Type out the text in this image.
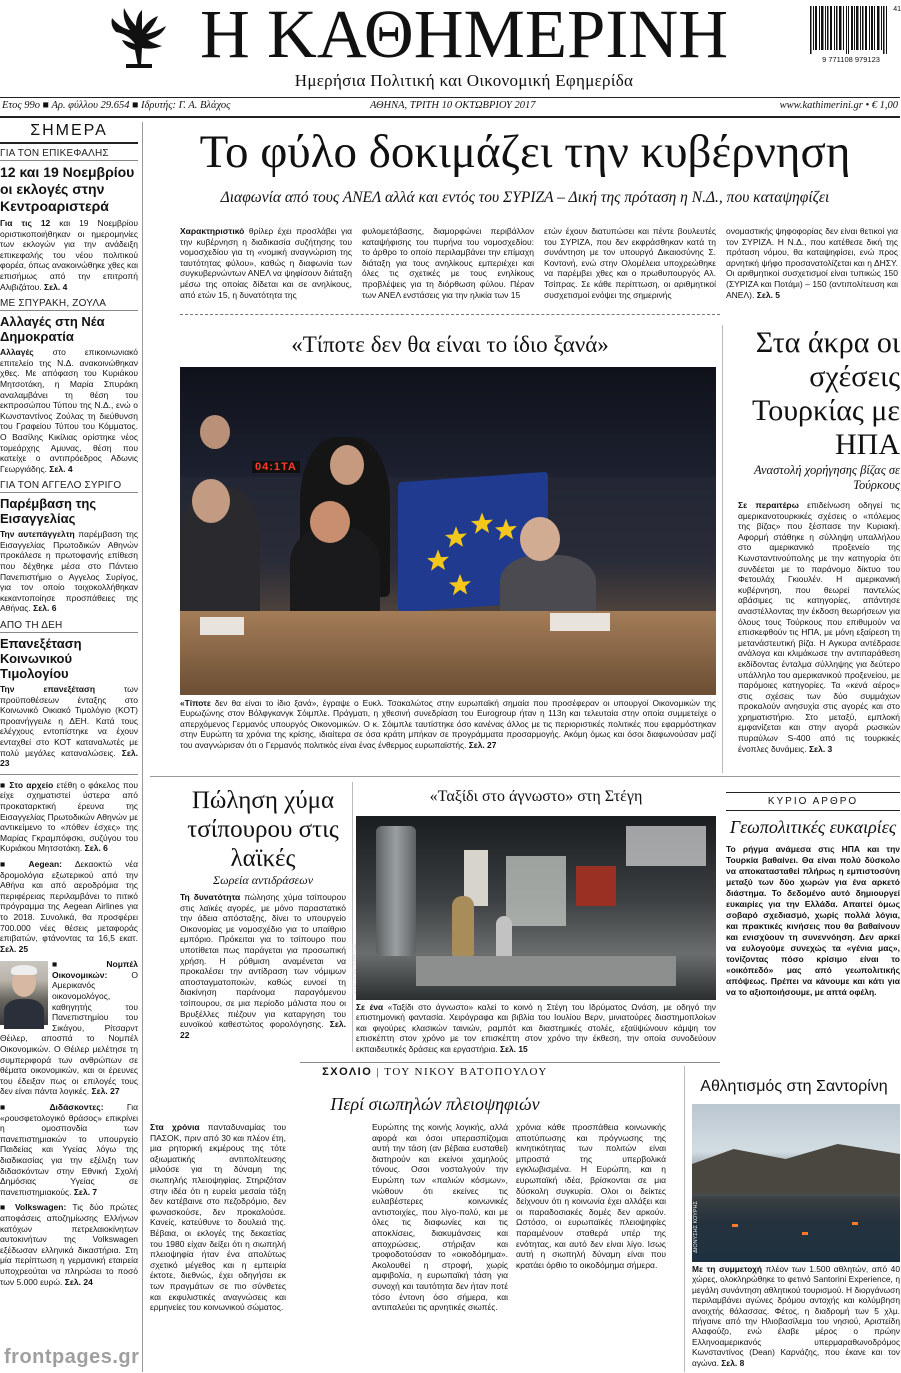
Η ΚΑΘΗΜΕΡΙΝΗ
Ημερήσια Πολιτική και Οικονομική Εφημερίδα
41
9 771108 979123
Ετος 99ο ■ Αρ. φύλλου 29.654 ■ Ιδρυτής: Γ. Α. Βλάχος	ΑΘΗΝΑ, ΤΡΙΤΗ 10 ΟΚΤΩΒΡΙΟΥ 2017	www.kathimerini.gr • € 1,00
ΣΗΜΕΡΑ
ΓΙΑ ΤΟΝ ΕΠΙΚΕΦΑΛΗΣ
12 και 19 Νοεμβρίου οι εκλογές στην Κεντροαριστερά
Για τις 12 και 19 Νοεμβρίου οριστικοποιήθηκαν οι ημερομηνίες των εκλογών για την ανάδειξη επικεφαλής του νέου πολιτικού φορέα, όπως ανακοινώθηκε χθες και επισήμως από την επιτροπή Αλιβιζάτου. Σελ. 4
ΜΕ ΣΠΥΡΑΚΗ, ΖΟΥΛΑ
Αλλαγές στη Νέα Δημοκρατία
Αλλαγές στο επικοινωνιακό επιτελείο της Ν.Δ. ανακοινώθηκαν χθες. Με απόφαση του Κυριάκου Μητσοτάκη, η Μαρία Σπυράκη αναλαμβάνει τη θέση του εκπροσώπου Τύπου της Ν.Δ., ενώ ο Κωνσταντίνος Ζούλας τη διεύθυνση του Γραφείου Τύπου του Κόμματος. Ο Βασίλης Κικίλιας ορίστηκε νέος τομεάρχης Αμυνας, θέση που κατείχε ο αντιπρόεδρος Αδωνις Γεωργιάδης. Σελ. 4
ΓΙΑ ΤΟΝ ΑΓΓΕΛΟ ΣΥΡΙΓΟ
Παρέμβαση της Εισαγγελίας
Την αυτεπάγγελτη παρέμβαση της Εισαγγελίας Πρωτοδικών Αθηνών προκάλεσε η πρωτοφανής επίθεση που δέχθηκε μέσα στο Πάντειο Πανεπιστήμιο ο Αγγελος Συρίγος, για τον οποίο τοιχοκολλήθηκαν κεκαντοποίησε προσπάθειες της Αθήνας. Σελ. 6
ΑΠΟ ΤΗ ΔΕΗ
Επανεξέταση Κοινωνικού Τιμολογίου
Την επανεξέταση των προϋποθέσεων ένταξης στο Κοινωνικό Οικιακό Τιμολόγιο (ΚΟΤ) προανήγγειλε η ΔΕΗ. Κατά τους ελέγχους εντοπίστηκε να έχουν ενταχθεί στο ΚΟΤ καταναλωτές με πολύ μεγάλες καταναλώσεις. Σελ. 23
■ Στο αρχείο ετέθη ο φάκελος που είχε σχηματιστεί ύστερα από προκαταρκτική έρευνα της Εισαγγελίας Πρωτοδικών Αθηνών με αντικείμενο το «πόθεν έσχες» της Μαρίας Γκραμπόφσκι, συζύγου του Κυριάκου Μητσοτάκη. Σελ. 6
■ Aegean: Δεκαοκτώ νέα δρομολόγια εξωτερικού από την Αθήνα και από αεροδρόμια της περιφέρειας περιλαμβάνει το πιτικό πρόγραμμα της Aegean Airlines για το 2018. Συνολικά, θα προσφέρει 700.000 νέες θέσεις μεταφοράς επιβατών, φτάνοντας τα 16,5 εκατ. Σελ. 25
■ Νομπέλ Οικονομικών: Ο Αμερικανός οικονομολόγος, καθηγητής του Πανεπιστημίου του Σικάγου, Ρίτσαρντ Θέιλερ, αποσπά το Νομπέλ Οικονομικών. Ο Θέιλερ μελέτησε τη συμπεριφορά των ανθρώπων σε θέματα οικονομικών, και οι έρευνες του έδειξαν πως οι επιλογές τους δεν είναι πάντα λογικές. Σελ. 27
■ Διδάσκοντες: Για «ρουσφετολογικό θράσος» επικρίνει η ομοσπονδία των πανεπιστημιακών το υπουργείο Παιδείας και Υγείας λόγω της διαδικασίας για την εξέλιξη των διδασκόντων στην Εθνική Σχολή Δημόσιας Υγείας σε πανεπιστημιακούς. Σελ. 7
■ Volkswagen: Τις δύο πρώτες αποφάσεις αποζημίωσης Ελλήνων κατόχων πετρελαιοκίνητων αυτοκινήτων της Volkswagen εξέδωσαν ελληνικά δικαστήρια. Στη μία περίπτωση η γερμανική εταιρεία υποχρεούται να πληρώσει το ποσό των 5.000 ευρώ. Σελ. 24
Το φύλο δοκιμάζει την κυβέρνηση
Διαφωνία από τους ΑΝΕΛ αλλά και εντός του ΣΥΡΙΖΑ – Δική της πρόταση η Ν.Δ., που καταψηφίζει
Χαρακτηριστικό θρίλερ έχει προσλάβει για την κυβέρνηση η διαδικασία συζήτησης του νομοσχεδίου για τη «νομική αναγνώριση της ταυτότητας φύλου», καθώς η διαφωνία των συγκυβερνώντων ΑΝΕΛ να ψηφίσουν διάταξη μέσω της οποίας δίδεται και σε ανηλίκους, από ετών 15, η δυνατότητα της
φυλομετάβασης, διαμορφώνει περιβάλλον καταψήφισης του πυρήνα του νομοσχεδίου: το άρθρο το οποίο περιλαμβάνει την επίμαχη διάταξη για τους ανηλίκους εμπεριέχει και όλες τις σχετικές με τους ενηλίκους προβλέψεις για τη διόρθωση φύλου. Πέραν των ΑΝΕΛ ενστάσεις για την ηλικία των 15
ετών έχουν διατυπώσει και πέντε βουλευτές του ΣΥΡΙΖΑ, που δεν εκφράσθηκαν κατά τη συνάντηση με τον υπουργό Δικαιοσύνης Σ. Κοντονή, ενώ στην Ολομέλεια υποχρεώθηκε να παρέμβει χθες και ο πρωθυπουργός Αλ. Τσίπρας. Σε κάθε περίπτωση, οι αριθμητικοί συσχετισμοί ενόψει της σημερινής
ονομαστικής ψηφοφορίας δεν είναι θετικοί για τον ΣΥΡΙΖΑ. Η Ν.Δ., που κατέθεσε δική της πρόταση νόμου, θα καταψηφίσει, ενώ προς αρνητική ψήφο προσανατολίζεται και η ΔΗΣΥ. Οι αριθμητικοί συσχετισμοί είναι τυπικώς 150 (ΣΥΡΙΖΑ και Ποτάμι) – 150 (αντιπολίτευση και ΑΝΕΛ). Σελ. 5
«Τίποτε δεν θα είναι το ίδιο ξανά»
04:1TA
«Τίποτε δεν θα είναι το ίδιο ξανά», έγραψε ο Ευκλ. Τσακαλώτος στην ευρωπαϊκή σημαία που προσέφεραν οι υπουργοί Οικονομικών της Ευρωζώνης στον Βόλφγκανγκ Σόιμπλε. Πράγματι, η χθεσινή συνεδρίαση του Eurogroup ήταν η 113η και τελευταία στην οποία συμμετείχε ο απερχόμενος Γερμανός υπουργός Οικονομικών. Ο κ. Σόιμπλε ταυτίστηκε όσο κανένας άλλος με τις περιοριστικές πολιτικές που εφαρμόστηκαν στην Ευρώπη τα χρόνια της κρίσης, ιδιαίτερα σε όσα κράτη μπήκαν σε προγράμματα προσαρμογής. Ακόμη όμως και όσοι διαφωνούσαν μαζί του αναγνώρισαν ότι ο Γερμανός πολιτικός είναι ένας ένθερμος ευρωπαϊστής. Σελ. 27
Στα άκρα οι σχέσεις Τουρκίας με ΗΠΑ
Αναστολή χορήγησης βίζας σε Τούρκους
Σε περαιτέρω επιδείνωση οδηγεί τις αμερικανοτουρκικές σχέσεις ο «πόλεμος της βίζας» που ξέσπασε την Κυριακή. Αφορμή στάθηκε η σύλληψη υπαλλήλου στο αμερικανικό προξενείο της Κωνσταντινούπολης με την κατηγορία ότι συνδέεται με το παράνομο δίκτυο του Φετουλάχ Γκιουλέν. Η αμερικανική κυβέρνηση, που θεωρεί παντελώς αβάσιμες τις κατηγορίες, απάντησε αναστέλλοντας την έκδοση θεωρήσεων για όλους τους Τούρκους που επιθυμούν να επισκεφθούν τις ΗΠΑ, με μόνη εξαίρεση τη μετανάστευτική βίζα. Η Αγκυρα αντέδρασε ανάλογα και κλιμάκωσε την αντιπαράθεση εκδίδοντας ένταλμα σύλληψης για δεύτερο υπάλληλο του αμερικανικού προξενείου, με παρόμοιες κατηγορίες. Τα «κενά αέρος» στις σχέσεις των δύο συμμάχων προκαλούν ανησυχία στις αγορές και στο χρηματιστήριο. Στο μεταξύ, εμπλοκή εμφανίζεται και στην αγορά ρωσικών πυραύλων S-400 από τις τουρκικές ένοπλες δυνάμεις. Σελ. 3
Πώληση χύμα τσίπουρου στις λαϊκές
Σωρεία αντιδράσεων
Τη δυνατότητα πώλησης χύμα τσίπουρου στις λαϊκές αγορές, με μόνο παραστατικό την άδεια απόσταξης, δίνει το υπουργείο Οικονομίας με νομοσχέδιο για το υπαίθριο εμπόριο. Πρόκειται για το τσίπουρο που υποτίθεται πως παράγεται για προσωπική χρήση. Η ρύθμιση αναμένεται να προκαλέσει την αντίδραση των νόμιμων αποσταγματοποιών, καθώς ευνοεί τη διακίνηση παράνομα παραγόμενου τσίπουρου, σε μια περίοδο μάλιστα που οι Βρυξέλλες πιέζουν για καταργηση του ευνοϊκού καθεστώτος φορολόγησης. Σελ. 22
«Ταξίδι στο άγνωστο» στη Στέγη
ΣΤΕΓΗ ΙΔΡΥΜΑΤΟΣ
Σε ένα «Ταξίδι στο άγνωστο» καλεί το κοινό η Στέγη του Ιδρύματος Ωνάση, με οδηγό την επιστημονική φαντασία. Χειρόγραφα και βιβλία του Ιουλίου Βερν, μινιατούρες διαστημοπλοίων και φιγούρες κλασικών ταινιών, ραμπότ και διαστημικές στολές, εξαϋψώνουν κάμψη τον επισκέπτη στον χρόνο με τον επισκέπτη στον χρόνο την έκθεση, την οποία συνοδεύουν εκπαιδευτικές δράσεις και εργαστήρια. Σελ. 15
ΚΥΡΙΟ ΑΡΘΡΟ
Γεωπολιτικές ευκαιρίες
Το ρήγμα ανάμεσα στις ΗΠΑ και την Τουρκία βαθαίνει. Θα είναι πολύ δύσκολο να αποκατασταθεί πλήρως η εμπιστοσύνη μεταξύ των δύο χωρών για ένα αρκετό διάστημα. Το δεδομένο αυτό δημιουργεί ευκαιρίες για την Ελλάδα. Απαιτεί όμως σοβαρό σχεδιασμό, χωρίς πολλά λόγια, και πρακτικές κινήσεις που θα βαθαίνουν και ενισχύουν τη συνεννόηση. Δεν αρκεί να ευλογούμε συνεχώς τα «γένια μας», τονίζοντας πόσο κρίσιμο είναι το «οικόπεδό» μας από γεωπολιτικής απόψεως. Πρέπει να κάνουμε και κάτι για να το αξιοποιήσουμε, με απτά οφέλη.
ΣΧΟΛΙΟ | ΤΟΥ ΝΙΚΟΥ ΒΑΤΟΠΟΥΛΟΥ
Περί σιωπηλών πλειοψηφιών
Στα χρόνια πανταδυναμίας του ΠΑΣΟΚ, πριν από 30 και πλέον έτη, μια ρητορική εκμέρους της τότε αξιωματικής αντιπολίτευσης μιλούσε για τη δύναμη της σιωπηλής πλειοψηφίας. Στηριζόταν στην ιδέα ότι η ευρεία μεσαία τάξη δεν κατέβαινε στο πεζοδρόμιο, δεν φωνασκούσε, δεν προκαλούσε. Κανείς, κατεύθυνε το δουλειά της. Βέβαια, οι εκλογές της δεκαετίας του 1980 είχαν δείξει ότι η σιωπηλή πλειοψηφία ήταν ένα απολύτως σχετικό μέγεθος και η εμπειρία έκτοτε, διεθνώς, έχει οδηγήσει εκ των πραγμάτων σε πιο σύνθετες και εκφυλιστικές αναγνώσεις και ερμηνείες του κοινωνικού σώματος.
Ευρώπης της κοινής λογικής, αλλά αφορά και όσοι υπερασπίζομαι αυτή την τάση (αν βέβαια ευσταθεί) διατηρούν και εκείνοι χαμηλούς τόνους. Οσοι νοσταλγούν την Ευρώπη των «παλιών κόσμων», νιώθουν ότι εκείνες τις ευλαβέστερες κοινωνικές αντιστοιχίες, που λίγο-πολύ, και με όλες τις διαφωνίες και τις αποκλίσεις, διακυμάνσεις και αποχρώσεις, στήριξαν και τροφοδοτούσαν το «οικοδόμημα». Ακολουθεί η στροφή, χωρίς αμφιβολία, η ευρωπαϊκή τάση για συνοχή και ταυτότητα δεν ήταν ποτέ τόσο έντονη όσο σήμερα, και αντιπαλεύει τις αρνητικές σιωπές.
χρόνια κάθε προσπάθεια κοινωνικής αποτύπωσης και πρόγνωσης της κινητικότητας των πολιτών είναι μπροστά της υπερβολικά εγκλωβισμένα. Η Ευρώπη, και η ευρωπαϊκή ιδέα, βρίσκονται σε μια δύσκολη συγκυρία. Ολοι οι δείκτες δείχνουν ότι η κοινωνία έχει αλλάξει και οι παραδοσιακές δομές δεν αρκούν. Ωστόσο, οι ευρωπαϊκές πλειοψηφίες παραμένουν σταθερά υπέρ της ενότητας, και αυτό δεν είναι λίγο. Ισως αυτή η σιωπηλή δύναμη είναι που κρατάει όρθιο το οικοδόμημα σήμερα.
Αθλητισμός στη Σαντορίνη
ΔΙΟΝΥΣΗΣ ΚΟΥΡΗΣ
Με τη συμμετοχή πλέον των 1.500 αθλητών, από 40 χώρες, ολοκληρώθηκε το φετινό Santorini Experience, η μεγάλη συνάντηση αθλητικού τουρισμού. Η διοργάνωση περιλαμβάνει αγώνες δρόμου αντοχής και κολύμβηση ανοιχτής θάλασσας. Φέτος, η διαδρομή των 5 χλμ. πήγαινε από την Ηλιοβασίλεμα του νησιού, Αριστείδη Αλαφούζο, ενώ έλαβε μέρος ο πρώην Ελληνοαμερικανός υπερμαραθωνοδρόμος Κωνσταντίνος (Dean) Καρνάζης, που έκανε και τον αγώνα. Σελ. 8
frontpages.gr
